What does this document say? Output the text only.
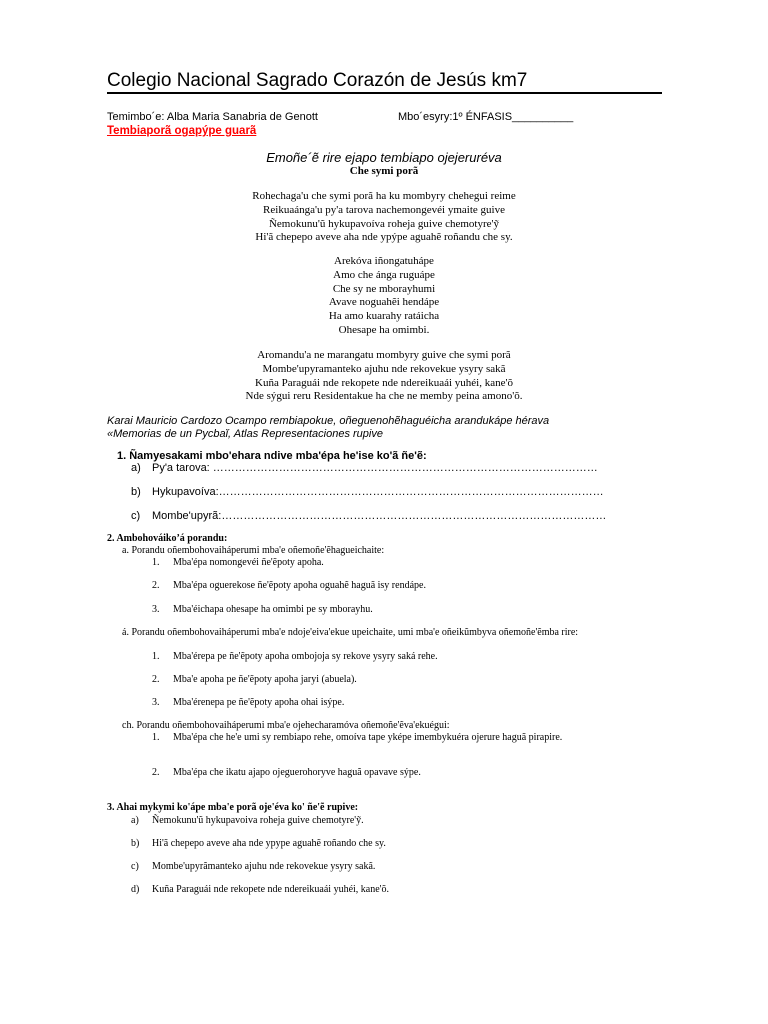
Colegio Nacional Sagrado Corazón de Jesús km7
Temimbo´e: Alba Maria Sanabria de Genott	Mbo´esyry:1º ÉNFASIS__________
Tembiaporã ogapýpe guarã
Emoñe´ẽ rire ejapo tembiapo ojejeruréva
Che symi porã
Rohechaga'u che symi porã ha ku mombyry chehegui reime
Reikuaánga'u py'a tarova nachemongevéi ymaite guive
Ñemokunu'ũ hykupavoíva roheja guive chemotyre'ỹ
Hi'ã chepepo aveve aha nde ypýpe aguahẽ roñandu che sy.
Arekóva iñongatuhápe
Amo che ánga ruguápe
Che sy ne mborayhumi
Avave noguahẽi hendápe
Ha amo kuarahy ratáicha
Ohesape ha omimbi.
Aromandu'a ne marangatu mombyry guive che symi porã
Mombe'upyramanteko ajuhu nde rekovekue ysyry sakã
Kuña Paraguái nde rekopete nde ndereikuaái yuhéi, kane'õ
Nde sýgui reru Residentakue ha che ne memby peina amono'õ.
Karai Mauricio Cardozo Ocampo rembiapokue, oñeguenohẽhaguéicha arandukápe hérava
«Memorias de un Pycbaĭ, Atlas Representaciones rupive
1. Ñamyesakami mbo'ehara ndive mba'épa he'ise ko'ã ñe'ẽ:
a) Py'a tarova: ……………………………………………………………………………………………
b) Hykupavoíva:……………………………………………………………………………………………
c) Mombe'upyrã:……………………………………………………………………………………………
2. Ambohováikoʼá porandu:
a. Porandu oñembohovaiháperumi mba'e oñemoñe'ẽhagueichaite:
1. Mba'épa nomongevéi ñe'ẽpoty apoha.
2. Mba'épa oguerekose ñe'ẽpoty apoha oguahẽ haguã isy rendápe.
3. Mba'éichapa ohesape ha omimbi pe sy mborayhu.
á. Porandu oñembohovaiháperumi mba'e ndoje'eiva'ekue upeichaite, umi mba'e oñeikũmbyva oñemoñe'ẽmba rire:
1. Mba'érepa pe ñe'ẽpoty apoha ombojoja sy rekove ysyry saká rehe.
2. Mba'e apoha pe ñe'ẽpoty apoha jaryi (abuela).
3. Mba'érenepa pe ñe'ẽpoty apoha ohai isýpe.
ch. Porandu oñembohovaiháperumi mba'e ojehecharamóva oñemoñe'ẽva'ekuégui:
1. Mba'épa che he'e umi sy rembiapo rehe, omoíva tape yképe imembykuéra ojerure haguã pirapire.
2. Mba'épa che ikatu ajapo ojeguerohoryve haguã opavave sýpe.
3. Ahai mykymi ko'ápe mba'e porã oje'éva ko' ñe'ẽ rupive:
a) Ñemokunu'ũ hykupavoiva roheja guive chemotyre'ỹ.
b) Hi'ã chepepo aveve aha nde ypype aguahẽ roñando che sy.
c) Mombe'upyrãmanteko ajuhu nde rekovekue ysyry sakã.
d) Kuña Paraguái nde rekopete nde ndereikuaái yuhéi, kane'õ.
